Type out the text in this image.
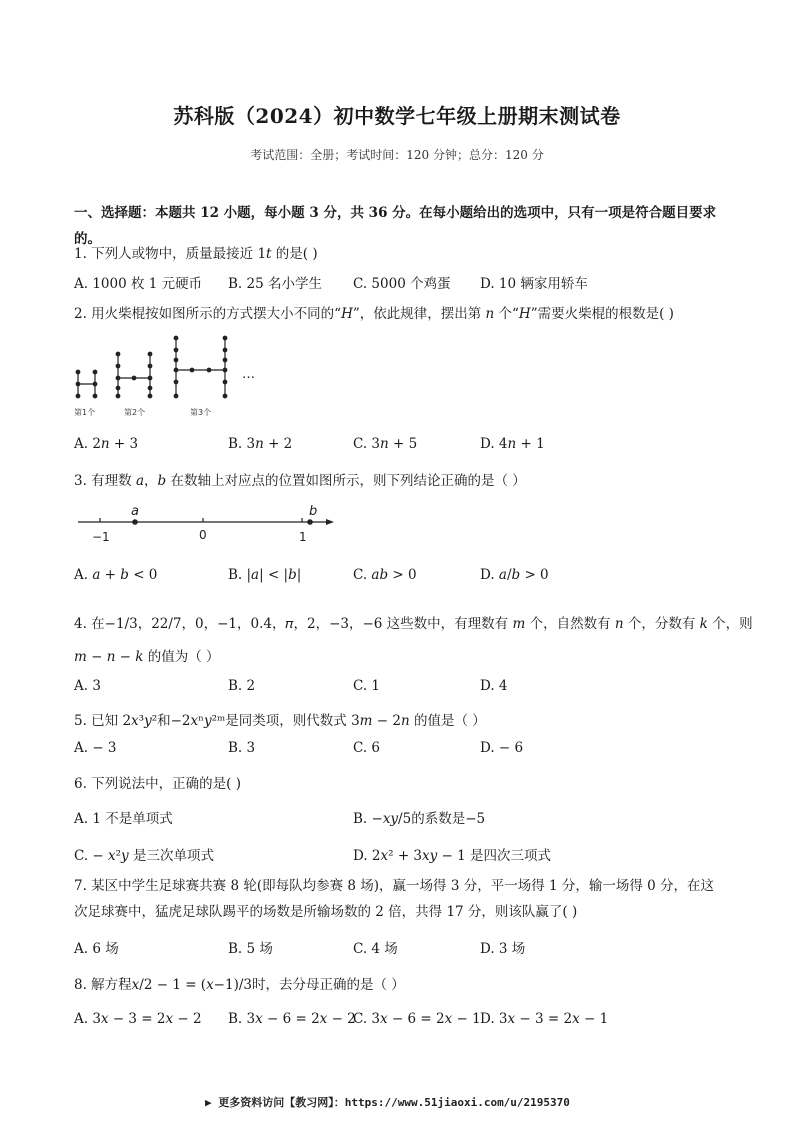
苏科版（2024）初中数学七年级上册期末测试卷
考试范围：全册；考试时间：120 分钟；总分：120 分
一、选择题：本题共 12 小题，每小题 3 分，共 36 分。在每小题给出的选项中，只有一项是符合题目要求的。
1. 下列人或物中，质量最接近 1𝑡 的是( )
A. 1000 枚 1 元硬币 B. 25 名小学生 C. 5000 个鸡蛋 D. 10 辆家用轿车
2. 用火柴棍按如图所示的方式摆大小不同的“𝐻”，依此规律，摆出第 𝑛 个“𝐻”需要火柴棍的根数是( )
…
第1个	第2个	第3个
A. 2𝑛 + 3	B. 3𝑛 + 2	C. 3𝑛 + 5	D. 4𝑛 + 1
3. 有理数 𝑎，𝑏 在数轴上对应点的位置如图所示，则下列结论正确的是（ ）
a	b
−1	0	1
A. 𝑎 + 𝑏 < 0	B. |𝑎| < |𝑏|	C. 𝑎𝑏 > 0	D. 𝑎/𝑏 > 0
4. 在−1/3，22/7，0，−1，0.4，𝜋，2，−3，−6 这些数中，有理数有 𝑚 个，自然数有 𝑛 个，分数有 𝑘 个，则
𝑚 − 𝑛 − 𝑘 的值为（ ）
A. 3	B. 2	C. 1	D. 4
5. 已知 2𝑥³𝑦²和−2𝑥ⁿ𝑦²ᵐ是同类项，则代数式 3𝑚 − 2𝑛 的值是（ ）
A. − 3	B. 3	C. 6	D. − 6
6. 下列说法中，正确的是( )
A. 1 不是单项式	B. −𝑥𝑦/5的系数是−5
C. − 𝑥²𝑦 是三次单项式	D. 2𝑥² + 3𝑥𝑦 − 1 是四次三项式
7. 某区中学生足球赛共赛 8 轮(即每队均参赛 8 场)，赢一场得 3 分，平一场得 1 分，输一场得 0 分，在这次足球赛中，猛虎足球队踢平的场数是所输场数的 2 倍，共得 17 分，则该队赢了( )
A. 6 场	B. 5 场	C. 4 场	D. 3 场
8. 解方程𝑥/2 − 1 = (𝑥−1)/3时，去分母正确的是（ ）
A. 3𝑥 − 3 = 2𝑥 − 2 B. 3𝑥 − 6 = 2𝑥 − 2
C. 3𝑥 − 6 = 2𝑥 − 1 D. 3𝑥 − 3 = 2𝑥 − 1
▶ 更多资料访问【教习网】：https://www.51jiaoxi.com/u/2195370
